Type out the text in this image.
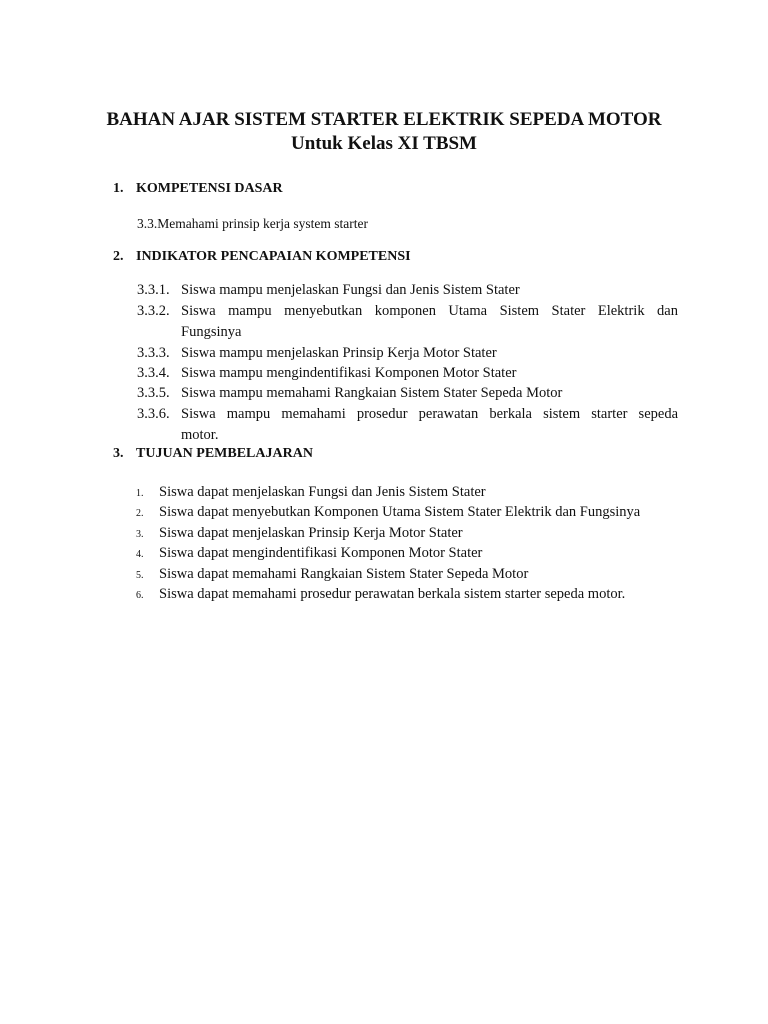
BAHAN AJAR SISTEM STARTER ELEKTRIK SEPEDA MOTOR
Untuk Kelas XI TBSM
1. KOMPETENSI DASAR
3.3.Memahami prinsip kerja system starter
2. INDIKATOR PENCAPAIAN KOMPETENSI
3.3.1. Siswa mampu menjelaskan Fungsi dan Jenis Sistem Stater
3.3.2. Siswa mampu menyebutkan komponen Utama Sistem Stater Elektrik dan
Fungsinya
3.3.3. Siswa mampu menjelaskan Prinsip Kerja Motor Stater
3.3.4. Siswa mampu mengindentifikasi Komponen Motor Stater
3.3.5. Siswa mampu memahami Rangkaian Sistem Stater Sepeda Motor
3.3.6. Siswa mampu memahami prosedur perawatan berkala sistem starter sepeda
motor.
3. TUJUAN PEMBELAJARAN
1. Siswa dapat menjelaskan Fungsi dan Jenis Sistem Stater
2. Siswa dapat menyebutkan Komponen Utama Sistem Stater Elektrik dan Fungsinya
3. Siswa dapat menjelaskan Prinsip Kerja Motor Stater
4. Siswa dapat mengindentifikasi Komponen Motor Stater
5. Siswa dapat memahami Rangkaian Sistem Stater Sepeda Motor
6. Siswa dapat memahami prosedur perawatan berkala sistem starter sepeda motor.
